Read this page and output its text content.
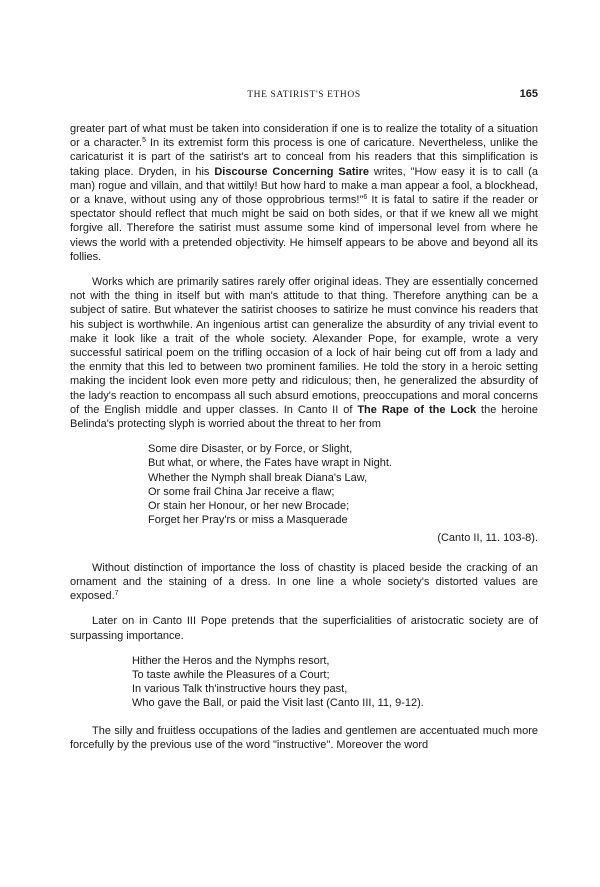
THE SATIRIST'S ETHOS	165

greater part of what must be taken into consideration if one is to realize the totality of a situation or a character.$^5$ In its extremist form this process is one of caricature. Nevertheless, unlike the caricaturist it is part of the satirist's art to conceal from his readers that this simplification is taking place. Dryden, in his Discourse Concerning Satire writes, "How easy it is to call (a man) rogue and villain, and that wittily! But how hard to make a man appear a fool, a blockhead, or a knave, without using any of those opprobrious terms!"$^6$ It is fatal to satire if the reader or spectator should reflect that much might be said on both sides, or that if we knew all we might forgive all. Therefore the satirist must assume some kind of impersonal level from where he views the world with a pretended objectivity. He himself appears to be above and beyond all its follies.

Works which are primarily satires rarely offer original ideas. They are essentially concerned not with the thing in itself but with man's attitude to that thing. Therefore anything can be a subject of satire. But whatever the satirist chooses to satirize he must convince his readers that his subject is worthwhile. An ingenious artist can generalize the absurdity of any trivial event to make it look like a trait of the whole society. Alexander Pope, for example, wrote a very successful satirical poem on the trifling occasion of a lock of hair being cut off from a lady and the enmity that this led to between two prominent families. He told the story in a heroic setting making the incident look even more petty and ridiculous; then, he generalized the absurdity of the lady's reaction to encompass all such absurd emotions, preoccupations and moral concerns of the English middle and upper classes. In Canto II of The Rape of the Lock the heroine Belinda's protecting slyph is worried about the threat to her from

Some dire Disaster, or by Force, or Slight,
But what, or where, the Fates have wrapt in Night.
Whether the Nymph shall break Diana's Law,
Or some frail China Jar receive a flaw;
Or stain her Honour, or her new Brocade;
Forget her Pray'rs or miss a Masquerade
(Canto II, 11. 103-8).

Without distinction of importance the loss of chastity is placed beside the cracking of an ornament and the staining of a dress. In one line a whole society's distorted values are exposed.$^7$

Later on in Canto III Pope pretends that the superficialities of aristocratic society are of surpassing importance.

Hither the Heros and the Nymphs resort,
To taste awhile the Pleasures of a Court;
In various Talk th'instructive hours they past,
Who gave the Ball, or paid the Visit last (Canto III, 11, 9-12).

The silly and fruitless occupations of the ladies and gentlemen are accentuated much more forcefully by the previous use of the word "instructive". Moreover the word
